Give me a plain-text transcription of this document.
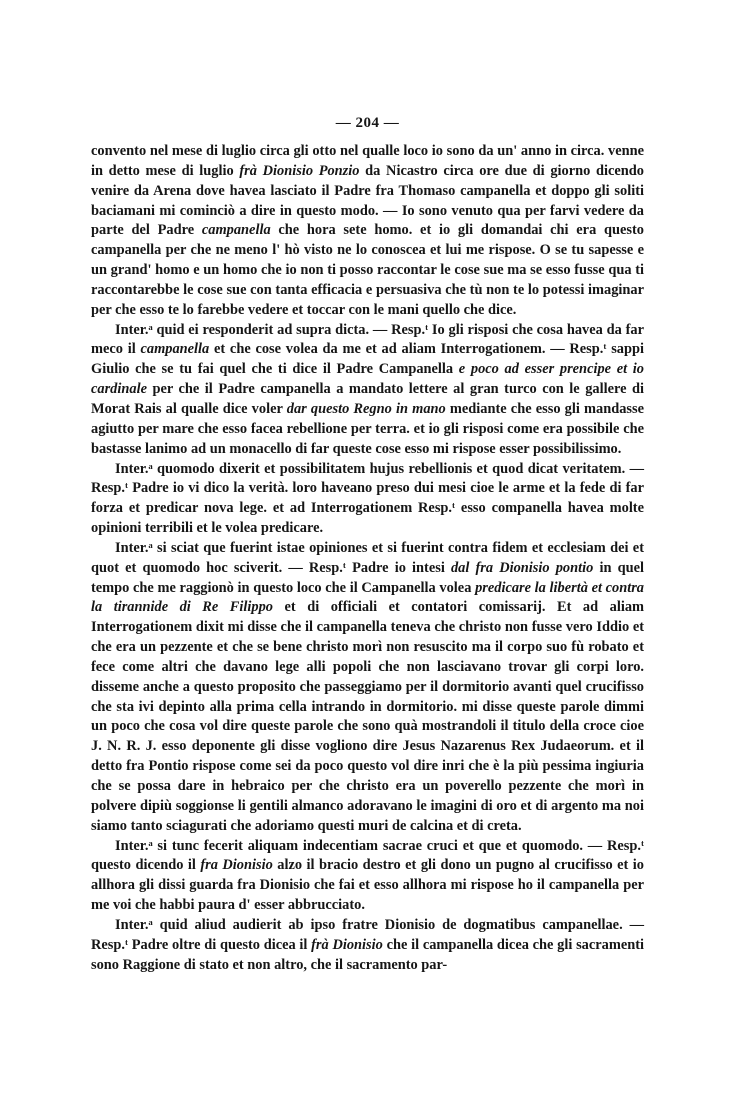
— 204 —

convento nel mese di luglio circa gli otto nel qualle loco io sono da un' anno in circa. venne in detto mese di luglio frà Dionisio Ponzio da Nicastro circa ore due di giorno dicendo venire da Arena dove havea lasciato il Padre fra Thomaso campanella et doppo gli soliti baciamani mi cominciò a dire in questo modo. — Io sono venuto qua per farvi vedere da parte del Padre campanella che hora sete homo. et io gli domandai chi era questo campanella per che ne meno l' hò visto ne lo conoscea et lui me rispose. O se tu sapesse e un grand' homo e un homo che io non ti posso raccontar le cose sue ma se esso fusse qua ti raccontarebbe le cose sue con tanta efficacia e persuasiva che tù non te lo potessi imaginar per che esso te lo farebbe vedere et toccar con le mani quello che dice.

Inter.ᵃ quid ei responderit ad supra dicta. — Resp.ᵗ Io gli risposi che cosa havea da far meco il campanella et che cose volea da me et ad aliam Interrogationem. — Resp.ᵗ sappi Giulio che se tu fai quel che ti dice il Padre Campanella e poco ad esser prencipe et io cardinale per che il Padre campanella a mandato lettere al gran turco con le gallere di Morat Rais al qualle dice voler dar questo Regno in mano mediante che esso gli mandasse agiutto per mare che esso facea rebellione per terra. et io gli risposi come era possibile che bastasse lanimo ad un monacello di far queste cose esso mi rispose esser possibilissimo.

Inter.ᵃ quomodo dixerit et possibilitatem hujus rebellionis et quod dicat veritatem. — Resp.ᵗ Padre io vi dico la verità. loro haveano preso dui mesi cioe le arme et la fede di far forza et predicar nova lege. et ad Interrogationem Resp.ᵗ esso companella havea molte opinioni terribili et le volea predicare.

Inter.ᵃ si sciat que fuerint istae opiniones et si fuerint contra fidem et ecclesiam dei et quot et quomodo hoc sciverit. — Resp.ᵗ Padre io intesi dal fra Dionisio pontio in quel tempo che me raggionò in questo loco che il Campanella volea predicare la libertà et contra la tirannide di Re Filippo et di officiali et contatori comissarij. Et ad aliam Interrogationem dixit mi disse che il campanella teneva che christo non fusse vero Iddio et che era un pezzente et che se bene christo morì non resuscito ma il corpo suo fù robato et fece come altri che davano lege alli popoli che non lasciavano trovar gli corpi loro. disseme anche a questo proposito che passeggiamo per il dormitorio avanti quel crucifisso che sta ivi depinto alla prima cella intrando in dormitorio. mi disse queste parole dimmi un poco che cosa vol dire queste parole che sono quà mostrandoli il titulo della croce cioe J. N. R. J. esso deponente gli disse vogliono dire Jesus Nazarenus Rex Judaeorum. et il detto fra Pontio rispose come sei da poco questo vol dire inri che è la più pessima ingiuria che se possa dare in hebraico per che christo era un poverello pezzente che morì in polvere dipiù soggionse li gentili almanco adoravano le imagini di oro et di argento ma noi siamo tanto sciagurati che adoriamo questi muri de calcina et di creta.

Inter.ᵃ si tunc fecerit aliquam indecentiam sacrae cruci et que et quomodo. — Resp.ᵗ questo dicendo il fra Dionisio alzo il bracio destro et gli dono un pugno al crucifisso et io allhora gli dissi guarda fra Dionisio che fai et esso allhora mi rispose ho il campanella per me voi che habbi paura d' esser abbrucciato.

Inter.ᵃ quid aliud audierit ab ipso fratre Dionisio de dogmatibus campanellae. — Resp.ᵗ Padre oltre di questo dicea il frà Dionisio che il campanella dicea che gli sacramenti sono Raggione di stato et non altro, che il sacramento par-
